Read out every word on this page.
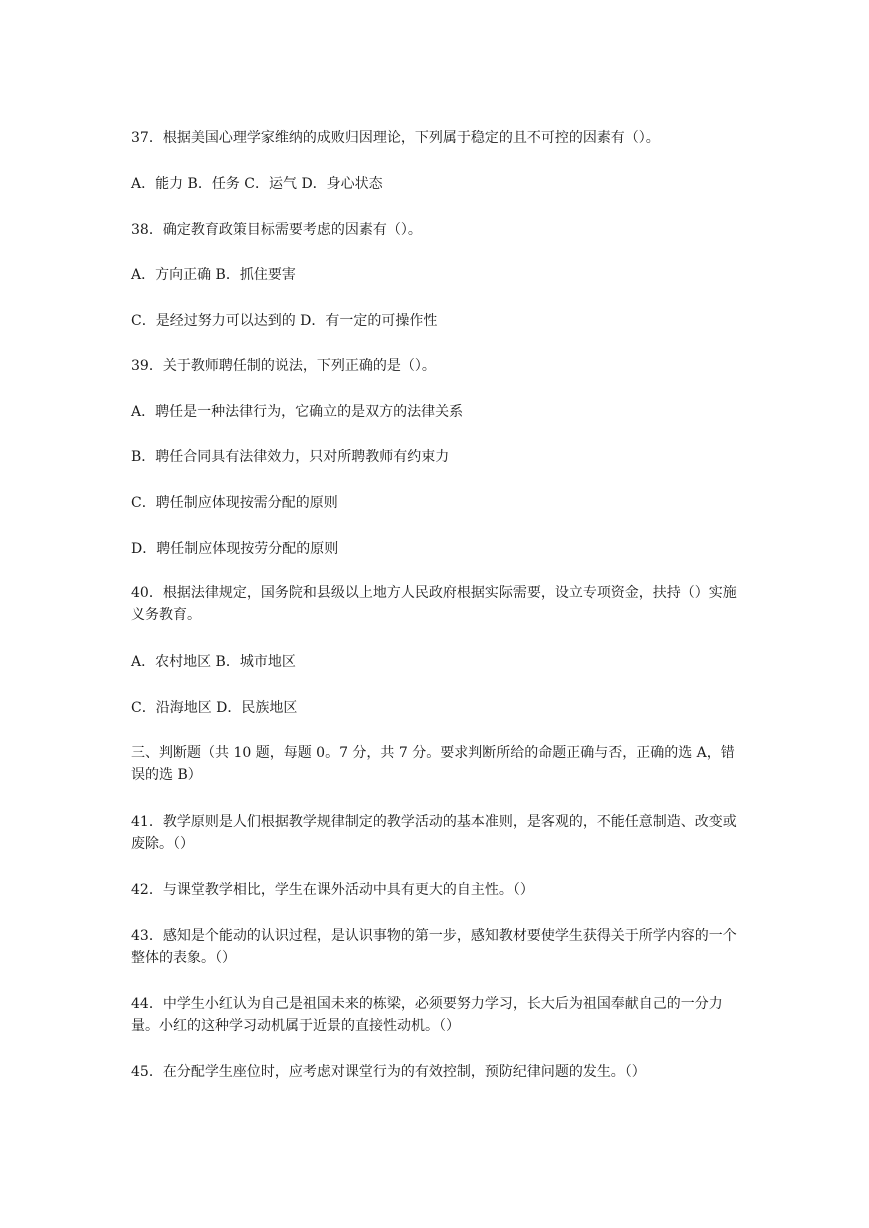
37．根据美国心理学家维纳的成败归因理论，下列属于稳定的且不可控的因素有（）。
A．能力 B．任务 C．运气 D．身心状态
38．确定教育政策目标需要考虑的因素有（）。
A．方向正确 B．抓住要害
C．是经过努力可以达到的 D．有一定的可操作性
39．关于教师聘任制的说法，下列正确的是（）。
A．聘任是一种法律行为，它确立的是双方的法律关系
B．聘任合同具有法律效力，只对所聘教师有约束力
C．聘任制应体现按需分配的原则
D．聘任制应体现按劳分配的原则
40．根据法律规定，国务院和县级以上地方人民政府根据实际需要，设立专项资金，扶持（）实施义务教育。
A．农村地区 B．城市地区
C．沿海地区 D．民族地区
三、判断题（共 10 题，每题 0。7 分，共 7 分。要求判断所给的命题正确与否，正确的选 A，错误的选 B）
41．教学原则是人们根据教学规律制定的教学活动的基本准则，是客观的，不能任意制造、改变或废除。（）
42．与课堂教学相比，学生在课外活动中具有更大的自主性。（）
43．感知是个能动的认识过程，是认识事物的第一步，感知教材要使学生获得关于所学内容的一个整体的表象。（）
44．中学生小红认为自己是祖国未来的栋梁，必须要努力学习，长大后为祖国奉献自己的一分力量。小红的这种学习动机属于近景的直接性动机。（）
45．在分配学生座位时，应考虑对课堂行为的有效控制，预防纪律问题的发生。（）
